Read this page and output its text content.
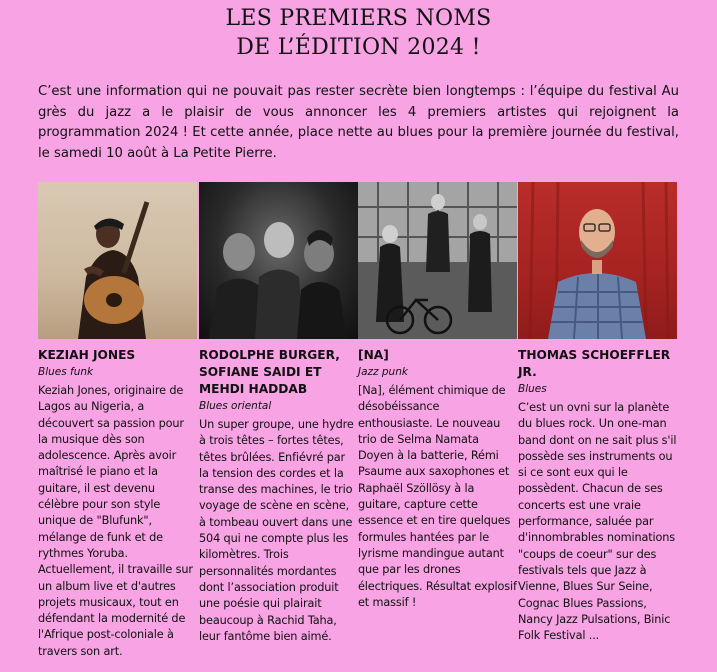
LES PREMIERS NOMS
DE L’ÉDITION 2024 !
C’est une information qui ne pouvait pas rester secrète bien longtemps : l’équipe du festival Au grès du jazz a le plaisir de vous annoncer les 4 premiers artistes qui rejoignent la programmation 2024 ! Et cette année, place nette au blues pour la première journée du festival, le samedi 10 août à La Petite Pierre.
KEZIAH JONES
Blues funk
Keziah Jones, originaire de Lagos au Nigeria, a découvert sa passion pour la musique dès son adolescence. Après avoir maîtrisé le piano et la guitare, il est devenu célèbre pour son style unique de "Blufunk", mélange de funk et de rythmes Yoruba. Actuellement, il travaille sur un album live et d'autres projets musicaux, tout en défendant la modernité de l'Afrique post-coloniale à travers son art.
RODOLPHE BURGER, SOFIANE SAIDI ET MEHDI HADDAB
Blues oriental
Un super groupe, une hydre à trois têtes – fortes têtes, têtes brûlées. Enfiévré par la tension des cordes et la transe des machines, le trio voyage de scène en scène, à tombeau ouvert dans une 504 qui ne compte plus les kilomètres. Trois personnalités mordantes dont l’association produit une poésie qui plairait beaucoup à Rachid Taha, leur fantôme bien aimé.
[NA]
Jazz punk
[Na], élément chimique de désobéissance enthousiaste. Le nouveau trio de Selma Namata Doyen à la batterie, Rémi Psaume aux saxophones et Raphaël Szöllösy à la guitare, capture cette essence et en tire quelques formules hantées par le lyrisme mandingue autant que par les drones électriques. Résultat explosif et massif !
THOMAS SCHOEFFLER JR.
Blues
C’est un ovni sur la planète du blues rock. Un one-man band dont on ne sait plus s'il possède ses instruments ou si ce sont eux qui le possèdent. Chacun de ses concerts est une vraie performance, saluée par d'innombrables nominations "coups de coeur" sur des festivals tels que Jazz à Vienne, Blues Sur Seine, Cognac Blues Passions, Nancy Jazz Pulsations, Binic Folk Festival ...
